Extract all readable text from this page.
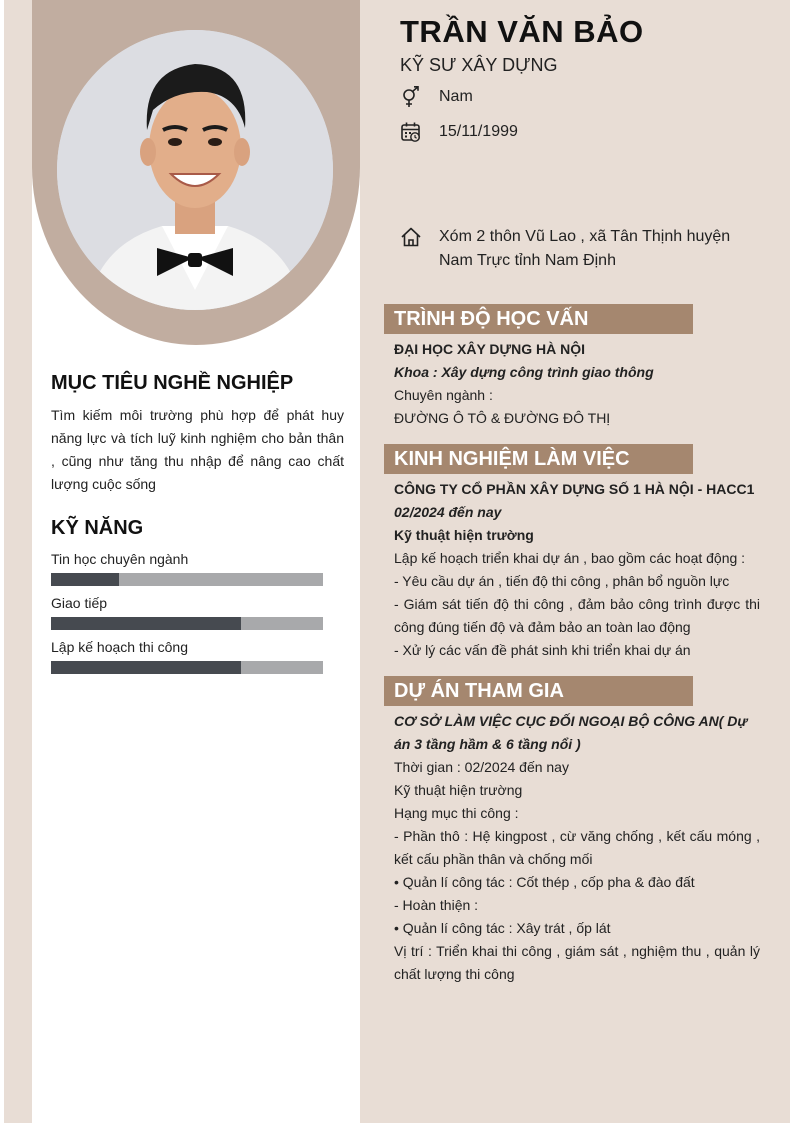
MỤC TIÊU NGHỀ NGHIỆP
Tìm kiếm môi trường phù hợp để phát huy năng lực và tích luỹ kinh nghiệm cho bản thân , cũng như tăng thu nhập để nâng cao chất lượng cuộc sống
KỸ NĂNG
Tin học chuyên ngành
Giao tiếp
Lập kế hoạch thi công
TRẦN VĂN BẢO
KỸ SƯ XÂY DỰNG
Nam
15/11/1999
Xóm 2 thôn Vũ Lao , xã Tân Thịnh huyện Nam Trực tỉnh Nam Định
TRÌNH ĐỘ HỌC VẤN
ĐẠI HỌC XÂY DỰNG HÀ NỘI
Khoa : Xây dựng công trình giao thông
Chuyên ngành :
ĐƯỜNG Ô TÔ & ĐƯỜNG ĐÔ THỊ
KINH NGHIỆM LÀM VIỆC
CÔNG TY CỔ PHẦN XÂY DỰNG SỐ 1 HÀ NỘI - HACC1
02/2024 đến nay
Kỹ thuật hiện trường
Lập kế hoạch triển khai dự án , bao gồm các hoạt động :
- Yêu cầu dự án , tiến độ thi công , phân bổ nguồn lực
- Giám sát tiến độ thi công , đảm bảo công trình được thi công đúng tiến độ và đảm bảo an toàn lao động
- Xử lý các vấn đề phát sinh khi triển khai dự án
DỰ ÁN THAM GIA
CƠ SỞ LÀM VIỆC CỤC ĐỐI NGOẠI BỘ CÔNG AN( Dự án 3 tầng hầm & 6 tầng nổi )
Thời gian : 02/2024 đến nay
Kỹ thuật hiện trường
Hạng mục thi công :
- Phần thô : Hệ kingpost , cừ văng chống , kết cấu móng , kết cấu phần thân và chống mối
• Quản lí công tác : Cốt thép , cốp pha & đào đất
- Hoàn thiện :
• Quản lí công tác : Xây trát , ốp lát
Vị trí : Triển khai thi công , giám sát , nghiệm thu , quản lý chất lượng thi công
